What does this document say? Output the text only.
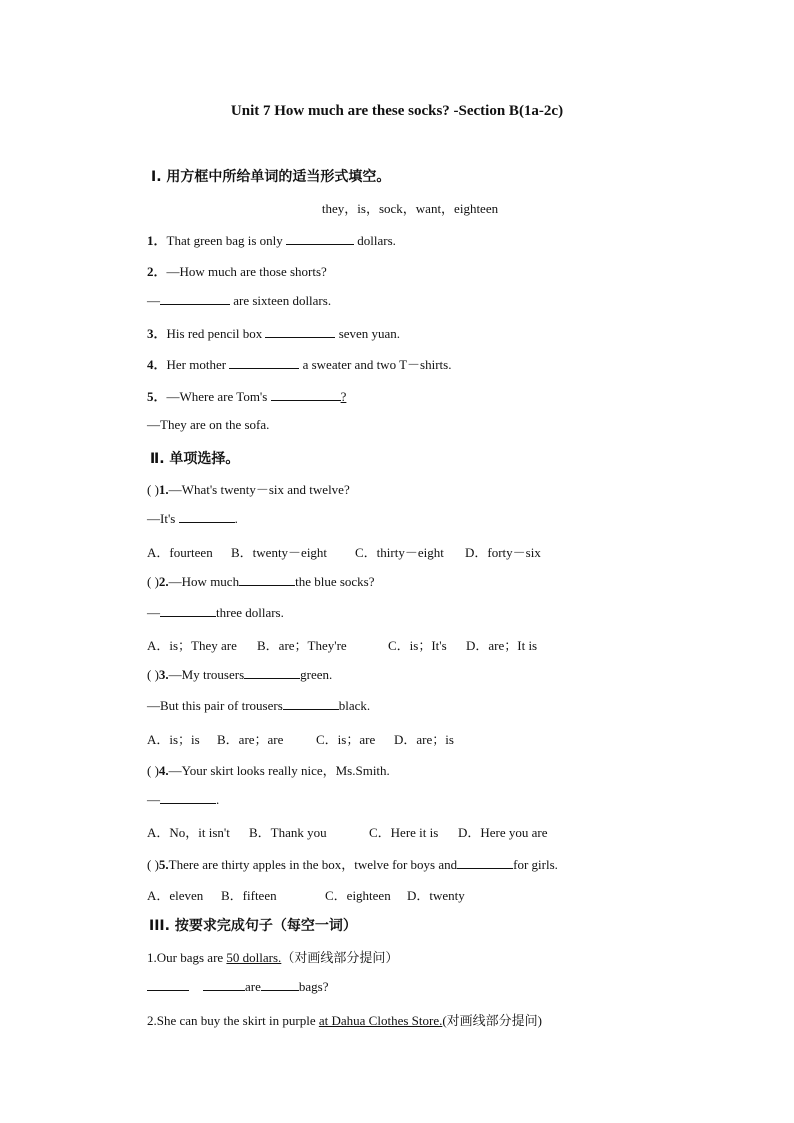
Unit 7 How much are these socks? -Section B(1a-2c)
Ⅰ. 用方框中所给单词的适当形式填空。
they，is，sock，want，eighteen
1．That green bag is only	dollars.
2．—How much are those shorts?
—	are sixteen dollars.
3．His red pencil box	seven yuan.
4．Her mother	a sweater and two T－shirts.
5．—Where are Tom's	?
—They are on the sofa.
Ⅱ. 单项选择。
( )1.—What's twenty－six and twelve?
—It's	.
A．fourteen B．twenty－eight C．thirty－eight D．forty－six
( )2.—How much	the blue socks?
—	three dollars.
A．is；They are B．are；They're	C．is；It's D．are；It is
( )3.—My trousers	green.
—But this pair of trousers	black.
A．is；is B．are；are	C．is；are D．are；is
( )4.—Your skirt looks really nice，Ms.Smith.
—	.
A．No，it isn't B．Thank you	C．Here it is D．Here you are
( )5.There are thirty apples in the box，twelve for boys and	for girls.
A．eleven B．fifteen	C．eighteen D．twenty
III. 按要求完成句子（每空一词）
1.Our bags are 50 dollars.（对画线部分提问）
are	bags?
2.She can buy the skirt in purple at Dahua Clothes Store.(对画线部分提问)
